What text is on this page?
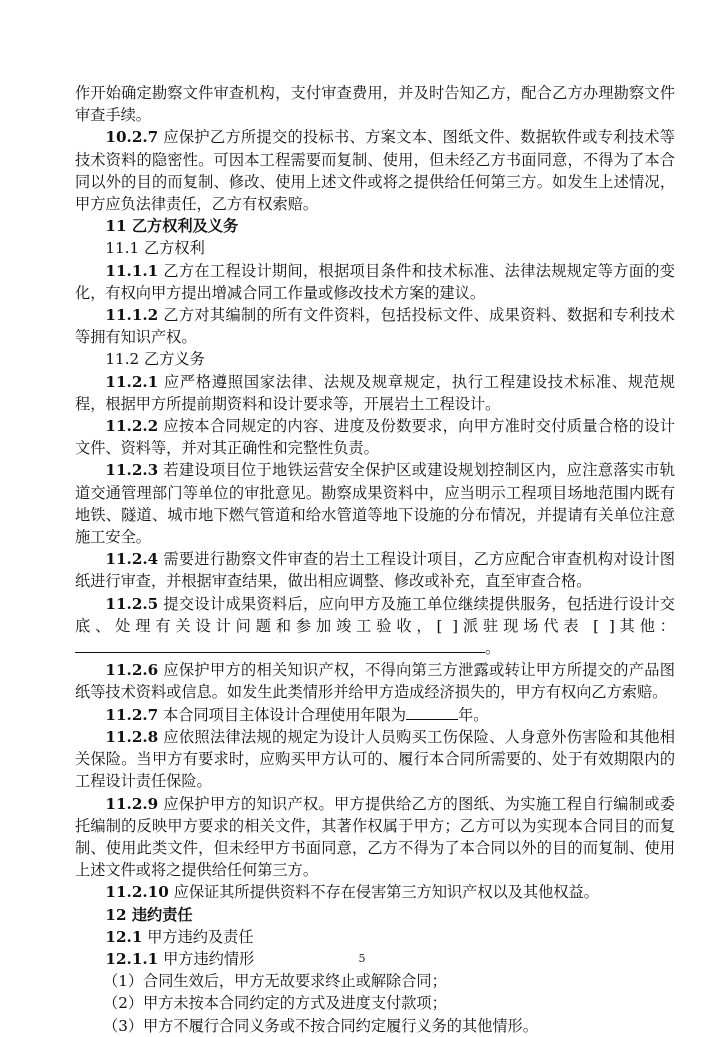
作开始确定勘察文件审查机构，支付审查费用，并及时告知乙方，配合乙方办理勘察文件审查手续。

10.2.7 应保护乙方所提交的投标书、方案文本、图纸文件、数据软件或专利技术等技术资料的隐密性。可因本工程需要而复制、使用，但未经乙方书面同意，不得为了本合同以外的目的而复制、修改、使用上述文件或将之提供给任何第三方。如发生上述情况，甲方应负法律责任，乙方有权索赔。

11 乙方权利及义务

11.1 乙方权利

11.1.1 乙方在工程设计期间，根据项目条件和技术标准、法律法规规定等方面的变化，有权向甲方提出增减合同工作量或修改技术方案的建议。

11.1.2 乙方对其编制的所有文件资料，包括投标文件、成果资料、数据和专利技术等拥有知识产权。

11.2 乙方义务

11.2.1 应严格遵照国家法律、法规及规章规定，执行工程建设技术标准、规范规程，根据甲方所提前期资料和设计要求等，开展岩土工程设计。

11.2.2 应按本合同规定的内容、进度及份数要求，向甲方准时交付质量合格的设计文件、资料等，并对其正确性和完整性负责。

11.2.3 若建设项目位于地铁运营安全保护区或建设规划控制区内，应注意落实市轨道交通管理部门等单位的审批意见。勘察成果资料中，应当明示工程项目场地范围内既有地铁、隧道、城市地下燃气管道和给水管道等地下设施的分布情况，并提请有关单位注意施工安全。

11.2.4 需要进行勘察文件审查的岩土工程设计项目，乙方应配合审查机构对设计图纸进行审查，并根据审查结果，做出相应调整、修改或补充，直至审查合格。

11.2.5 提交设计成果资料后，应向甲方及施工单位继续提供服务，包括进行设计交底、处理有关设计问题和参加竣工验收，[ ]派驻现场代表 [ ]其他：。

11.2.6 应保护甲方的相关知识产权，不得向第三方泄露或转让甲方所提交的产品图纸等技术资料或信息。如发生此类情形并给甲方造成经济损失的，甲方有权向乙方索赔。

11.2.7 本合同项目主体设计合理使用年限为	年。

11.2.8 应依照法律法规的规定为设计人员购买工伤保险、人身意外伤害险和其他相关保险。当甲方有要求时，应购买甲方认可的、履行本合同所需要的、处于有效期限内的工程设计责任保险。

11.2.9 应保护甲方的知识产权。甲方提供给乙方的图纸、为实施工程自行编制或委托编制的反映甲方要求的相关文件，其著作权属于甲方；乙方可以为实现本合同目的而复制、使用此类文件，但未经甲方书面同意，乙方不得为了本合同以外的目的而复制、使用上述文件或将之提供给任何第三方。

11.2.10 应保证其所提供资料不存在侵害第三方知识产权以及其他权益。

12 违约责任

12.1 甲方违约及责任

12.1.1 甲方违约情形

（1）合同生效后，甲方无故要求终止或解除合同；

（2）甲方未按本合同约定的方式及进度支付款项；

（3）甲方不履行合同义务或不按合同约定履行义务的其他情形。

5
